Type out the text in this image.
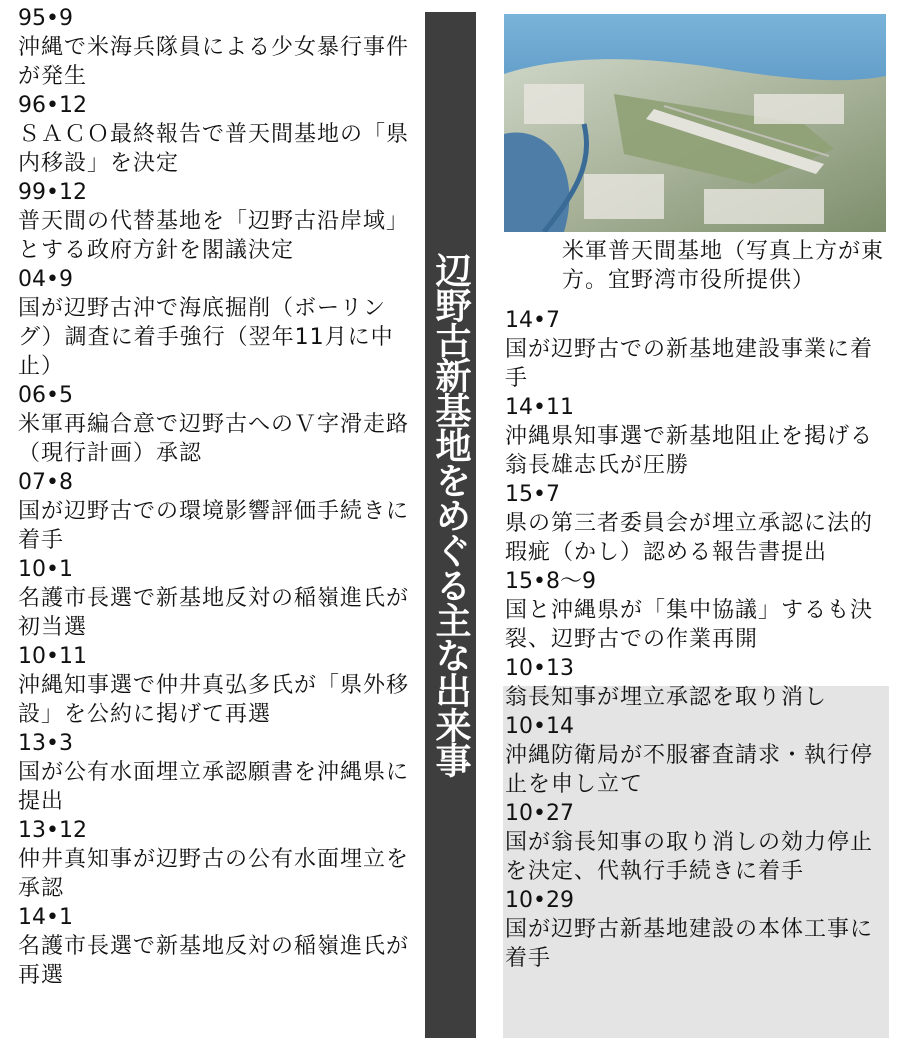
95•9
沖縄で米海兵隊員による少女暴行事件が発生
96•12
ＳＡＣＯ最終報告で普天間基地の「県内移設」を決定
99•12
普天間の代替基地を「辺野古沿岸域」とする政府方針を閣議決定
04•9
国が辺野古沖で海底掘削（ボーリング）調査に着手強行（翌年11月に中止）
06•5
米軍再編合意で辺野古へのＶ字滑走路（現行計画）承認
07•8
国が辺野古での環境影響評価手続きに着手
10•1
名護市長選で新基地反対の稲嶺進氏が初当選
10•11
沖縄知事選で仲井真弘多氏が「県外移設」を公約に掲げて再選
13•3
国が公有水面埋立承認願書を沖縄県に提出
13•12
仲井真知事が辺野古の公有水面埋立を承認
14•1
名護市長選で新基地反対の稲嶺進氏が再選
辺野古新基地をめぐる主な出来事
米軍普天間基地（写真上方が東方。宜野湾市役所提供）
14•7
国が辺野古での新基地建設事業に着手
14•11
沖縄県知事選で新基地阻止を掲げる翁長雄志氏が圧勝
15•7
県の第三者委員会が埋立承認に法的瑕疵（かし）認める報告書提出
15•8～9
国と沖縄県が「集中協議」するも決裂、辺野古での作業再開
10•13
翁長知事が埋立承認を取り消し
10•14
沖縄防衛局が不服審査請求・執行停止を申し立て
10•27
国が翁長知事の取り消しの効力停止を決定、代執行手続きに着手
10•29
国が辺野古新基地建設の本体工事に着手
